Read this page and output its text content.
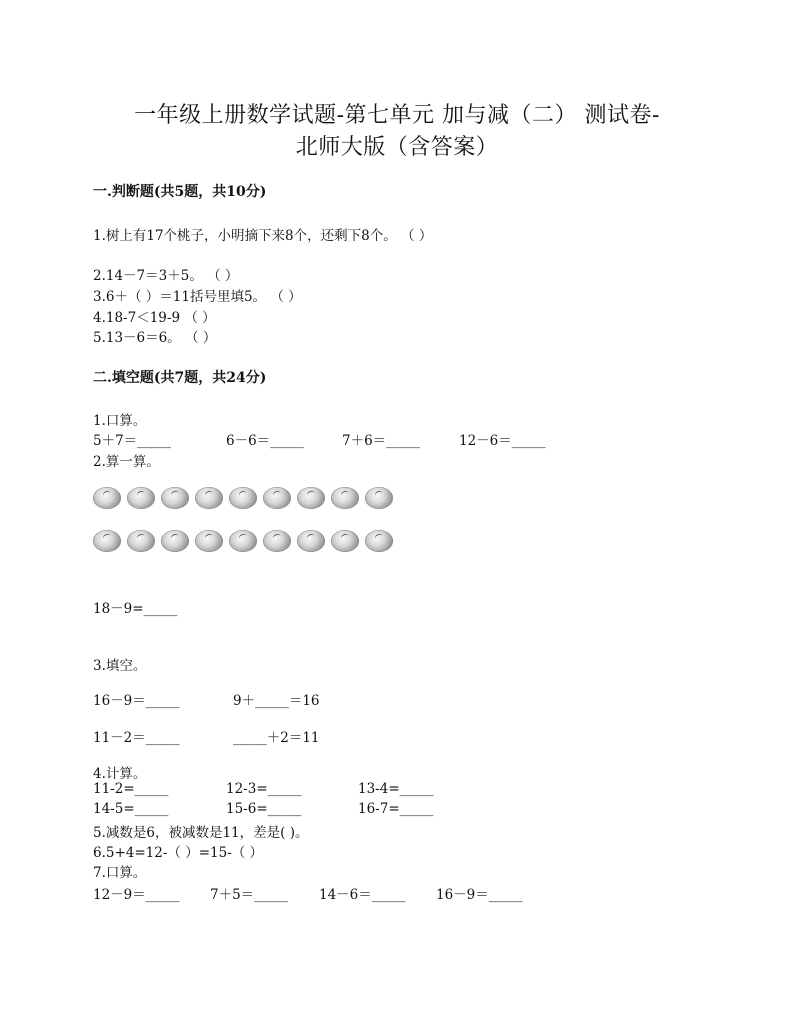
一年级上册数学试题-第七单元 加与减（二） 测试卷-
北师大版（含答案）
一.判断题(共5题，共10分)
1.树上有17个桃子，小明摘下来8个，还剩下8个。 （ ）
2.14－7＝3＋5。 （ ）
3.6＋（ ）＝11括号里填5。 （ ）
4.18-7＜19-9 （ ）
5.13－6＝6。 （ ）
二.填空题(共7题，共24分)
1.口算。
5＋7＝_____	6－6＝_____	7＋6＝_____	12－6＝_____
2.算一算。
18－9=_____
3.填空。
16－9＝_____	9＋_____＝16
11－2＝_____	_____＋2＝11
4.计算。
11-2=_____	12-3=_____	13-4=_____
14-5=_____	15-6=_____	16-7=_____
5.减数是6，被减数是11，差是( )。
6.5+4=12-（ ）=15-（ ）
7.口算。
12－9＝_____ 7＋5＝_____ 14－6＝_____ 16－9＝_____
